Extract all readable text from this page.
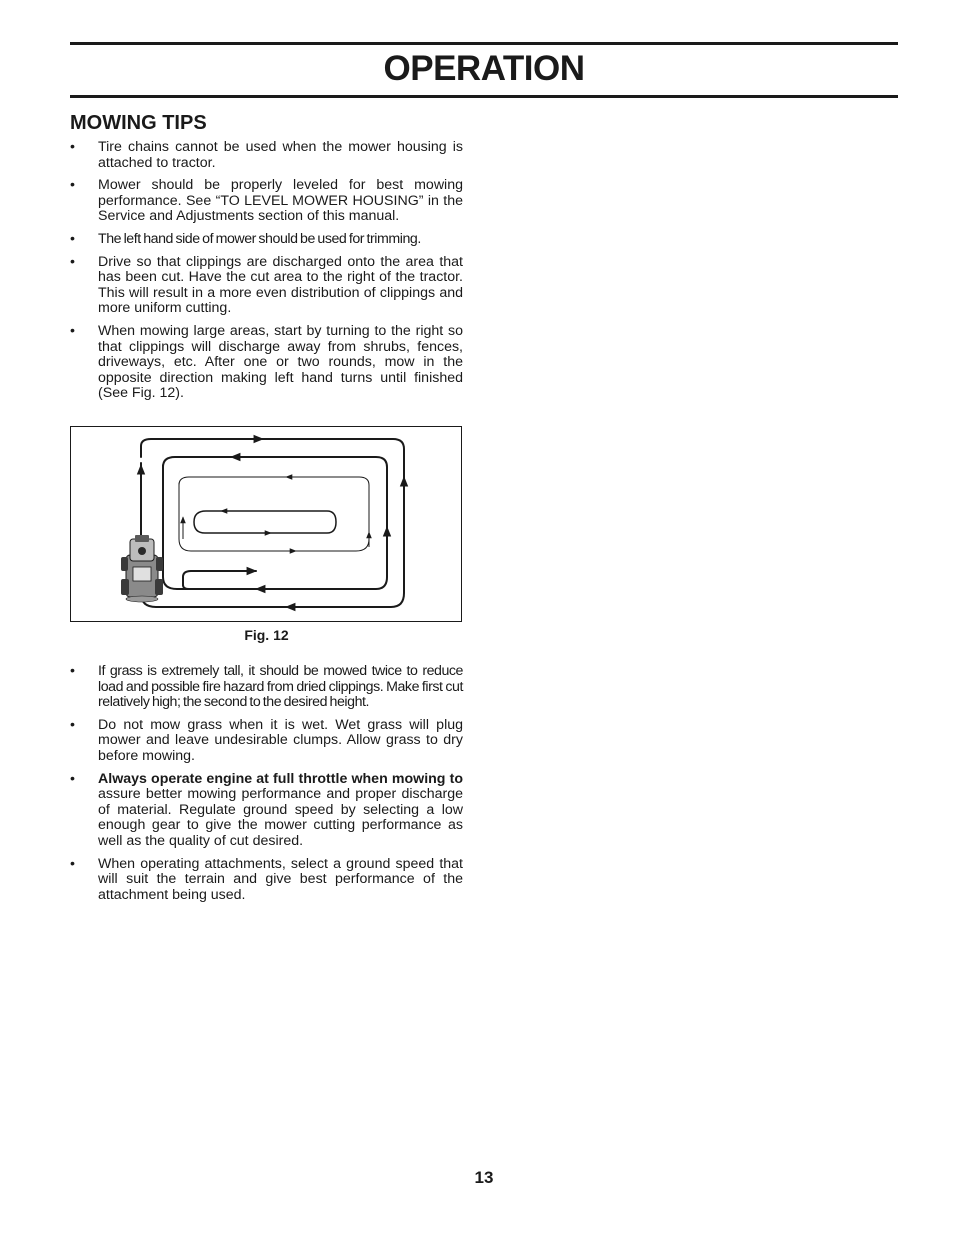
OPERATION
MOWING TIPS
• Tire chains cannot be used when the mower housing is attached to tractor.
• Mower should be properly leveled for best mowing performance. See “TO LEVEL MOWER HOUSING” in the Service and Adjustments section of this manual.
• The left hand side of mower should be used for trimming.
• Drive so that clippings are discharged onto the area that has been cut. Have the cut area to the right of the tractor. This will result in a more even distribution of clippings and more uniform cutting.
• When mowing large areas, start by turning to the right so that clippings will discharge away from shrubs, fences, driveways, etc. After one or two rounds, mow in the opposite direction making left hand turns until finished (See Fig. 12).
Fig. 12
• If grass is extremely tall, it should be mowed twice to reduce load and possible fire hazard from dried clippings. Make first cut relatively high; the second to the desired height.
• Do not mow grass when it is wet. Wet grass will plug mower and leave undesirable clumps. Allow grass to dry before mowing.
• Always operate engine at full throttle when mowing to assure better mowing performance and proper discharge of material. Regulate ground speed by selecting a low enough gear to give the mower cutting performance as well as the quality of cut desired.
• When operating attachments, select a ground speed that will suit the terrain and give best performance of the attachment being used.
13
